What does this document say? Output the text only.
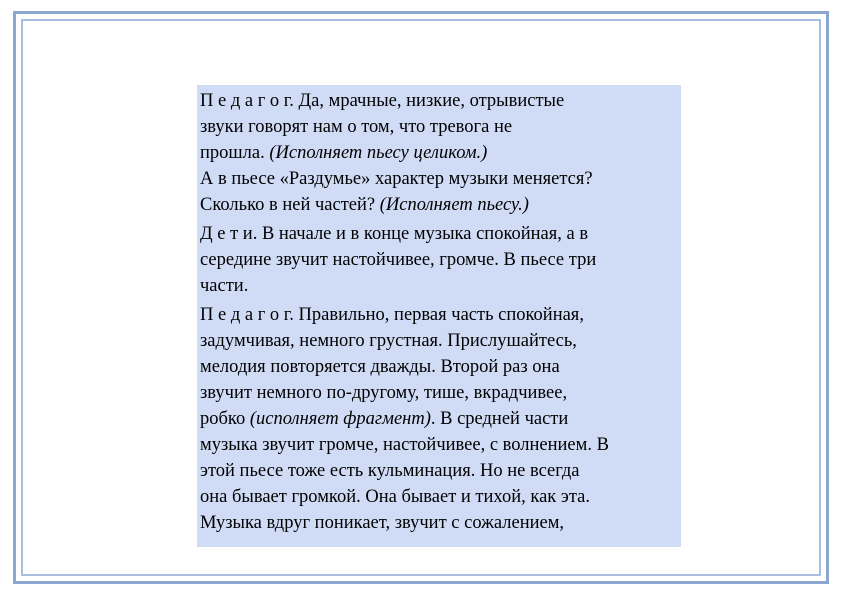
П е д а г о г. Да, мрачные, низкие, отрывистые
звуки говорят нам о том, что тревога не
прошла. (Исполняет пьесу целиком.)
А в пьесе «Раздумье» характер музыки меняется?
Сколько в ней частей? (Исполняет пьесу.)
Д е т и. В начале и в конце музыка спокойная, а в
середине звучит настойчивее, громче. В пьесе три
части.
П е д а г о г. Правильно, первая часть спокойная,
задумчивая, немного грустная. Прислушайтесь,
мелодия повторяется дважды. Второй раз она
звучит немного по-другому, тише, вкрадчивее,
робко (исполняет фрагмент). В средней части
музыка звучит громче, настойчивее, с волнением. В
этой пьесе тоже есть кульминация. Но не всегда
она бывает громкой. Она бывает и тихой, как эта.
Музыка вдруг поникает, звучит с сожалением,
